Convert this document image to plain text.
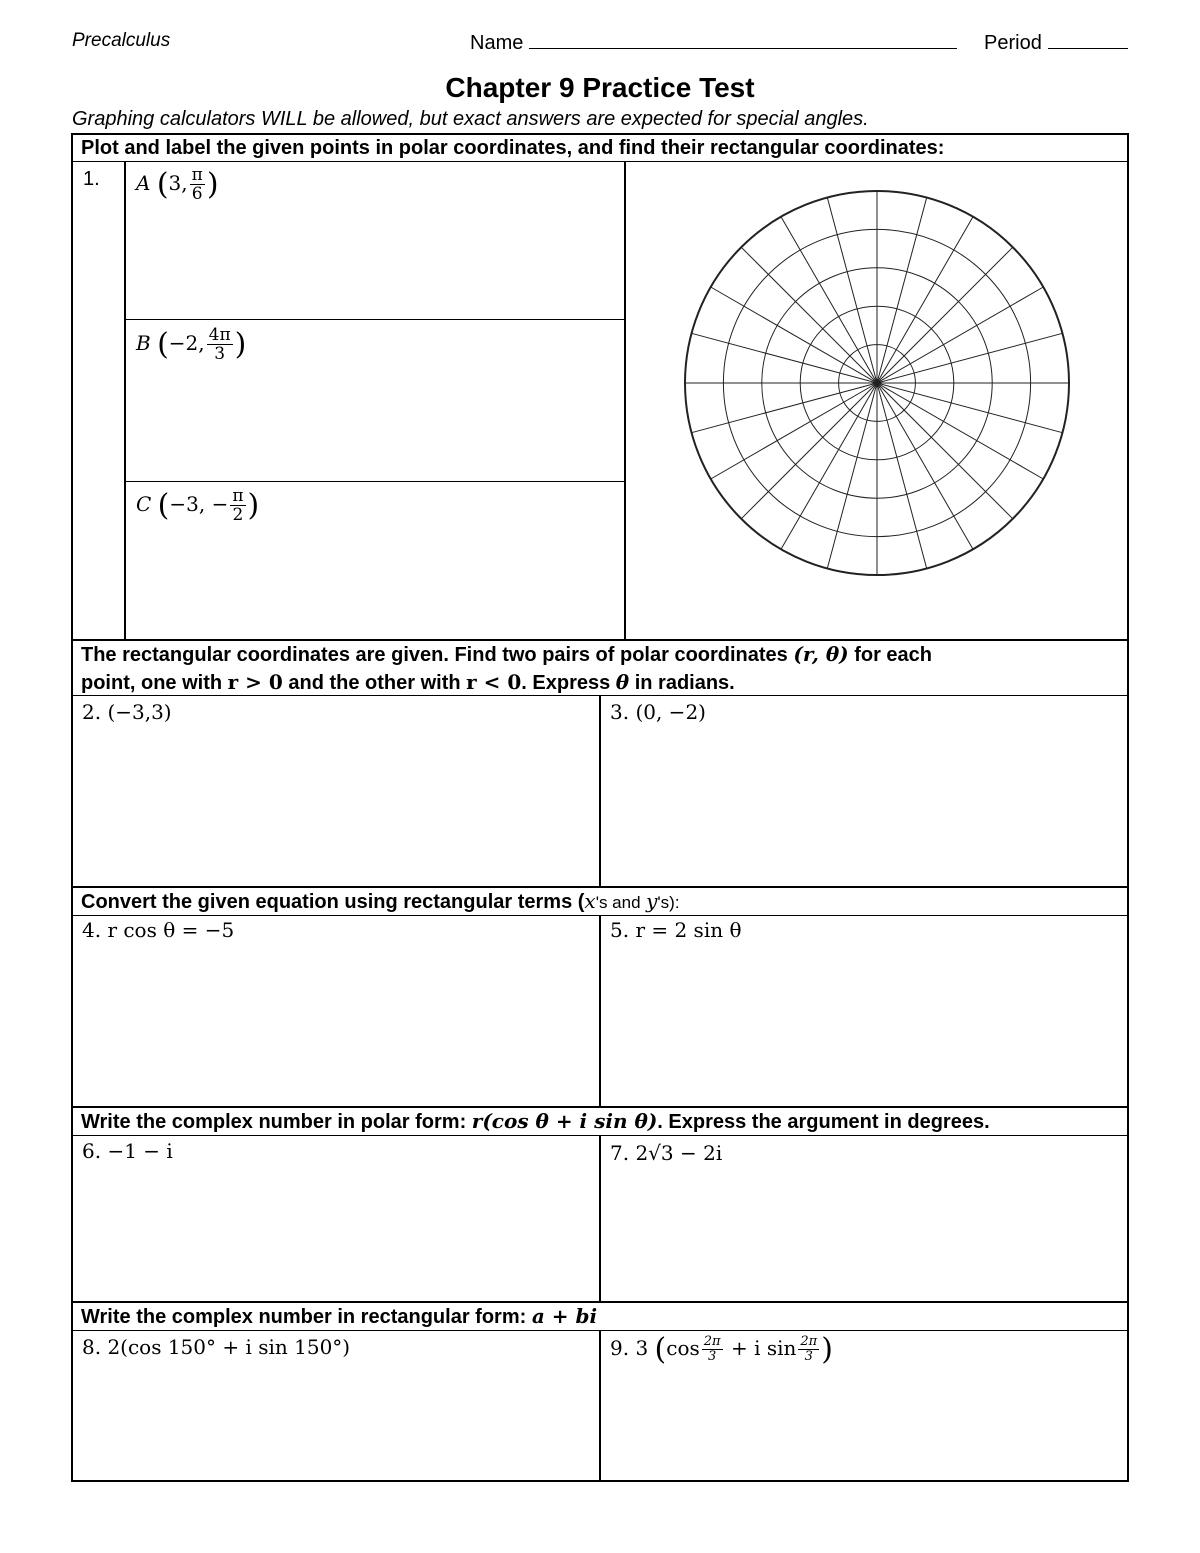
Precalculus	Name	Period
Chapter 9 Practice Test
Graphing calculators WILL be allowed, but exact answers are expected for special angles.
Plot and label the given points in polar coordinates, and find their rectangular coordinates:
1. A (3, $\frac{\pi}{6}$ )
B (−2, $\frac{4\pi}{3}$ )
C (−3, − $\frac{\pi}{2}$ )
The rectangular coordinates are given. Find two pairs of polar coordinates (r, θ) for each
point, one with r > 0 and the other with r < 0. Express θ in radians.
2. (−3,3)	3. (0, −2)
Convert the given equation using rectangular terms (x's and y's):
4. r cos θ = −5	5. r = 2 sin θ
Write the complex number in polar form: r(cos θ + i sin θ). Express the argument in degrees.
6. −1 − i	7. 2√3 − 2i
Write the complex number in rectangular form: a + bi
8. 2(cos 150° + i sin 150°)	9. 3 ($\cos \frac{2\pi}{3} + i$ $\sin \frac{2\pi}{3}$ )
